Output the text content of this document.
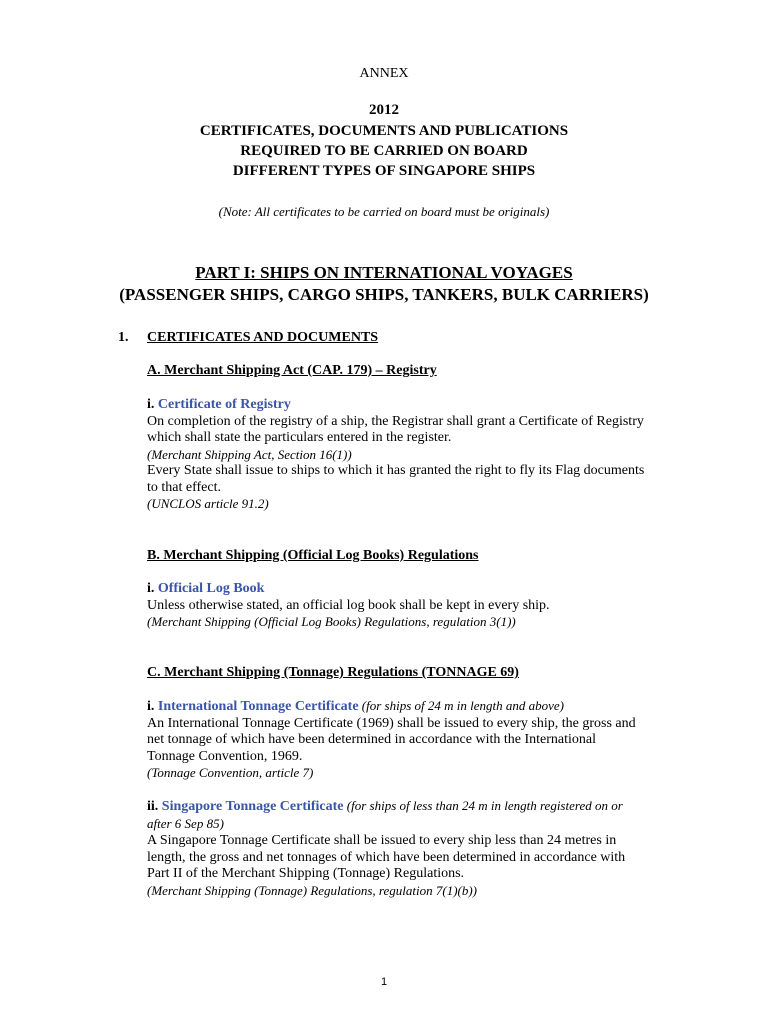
ANNEX
2012
CERTIFICATES, DOCUMENTS AND PUBLICATIONS
REQUIRED TO BE CARRIED ON BOARD
DIFFERENT TYPES OF SINGAPORE SHIPS
(Note: All certificates to be carried on board must be originals)
PART I: SHIPS ON INTERNATIONAL VOYAGES
(PASSENGER SHIPS, CARGO SHIPS, TANKERS, BULK CARRIERS)
1. CERTIFICATES AND DOCUMENTS
A. Merchant Shipping Act (CAP. 179) – Registry
i. Certificate of Registry
On completion of the registry of a ship, the Registrar shall grant a Certificate of Registry which shall state the particulars entered in the register.
(Merchant Shipping Act, Section 16(1))
Every State shall issue to ships to which it has granted the right to fly its Flag documents to that effect.
(UNCLOS article 91.2)
B. Merchant Shipping (Official Log Books) Regulations
i. Official Log Book
Unless otherwise stated, an official log book shall be kept in every ship.
(Merchant Shipping (Official Log Books) Regulations, regulation 3(1))
C. Merchant Shipping (Tonnage) Regulations (TONNAGE 69)
i. International Tonnage Certificate (for ships of 24 m in length and above)
An International Tonnage Certificate (1969) shall be issued to every ship, the gross and net tonnage of which have been determined in accordance with the International Tonnage Convention, 1969.
(Tonnage Convention, article 7)
ii. Singapore Tonnage Certificate (for ships of less than 24 m in length registered on or after 6 Sep 85)
A Singapore Tonnage Certificate shall be issued to every ship less than 24 metres in length, the gross and net tonnages of which have been determined in accordance with Part II of the Merchant Shipping (Tonnage) Regulations.
(Merchant Shipping (Tonnage) Regulations, regulation 7(1)(b))
1
